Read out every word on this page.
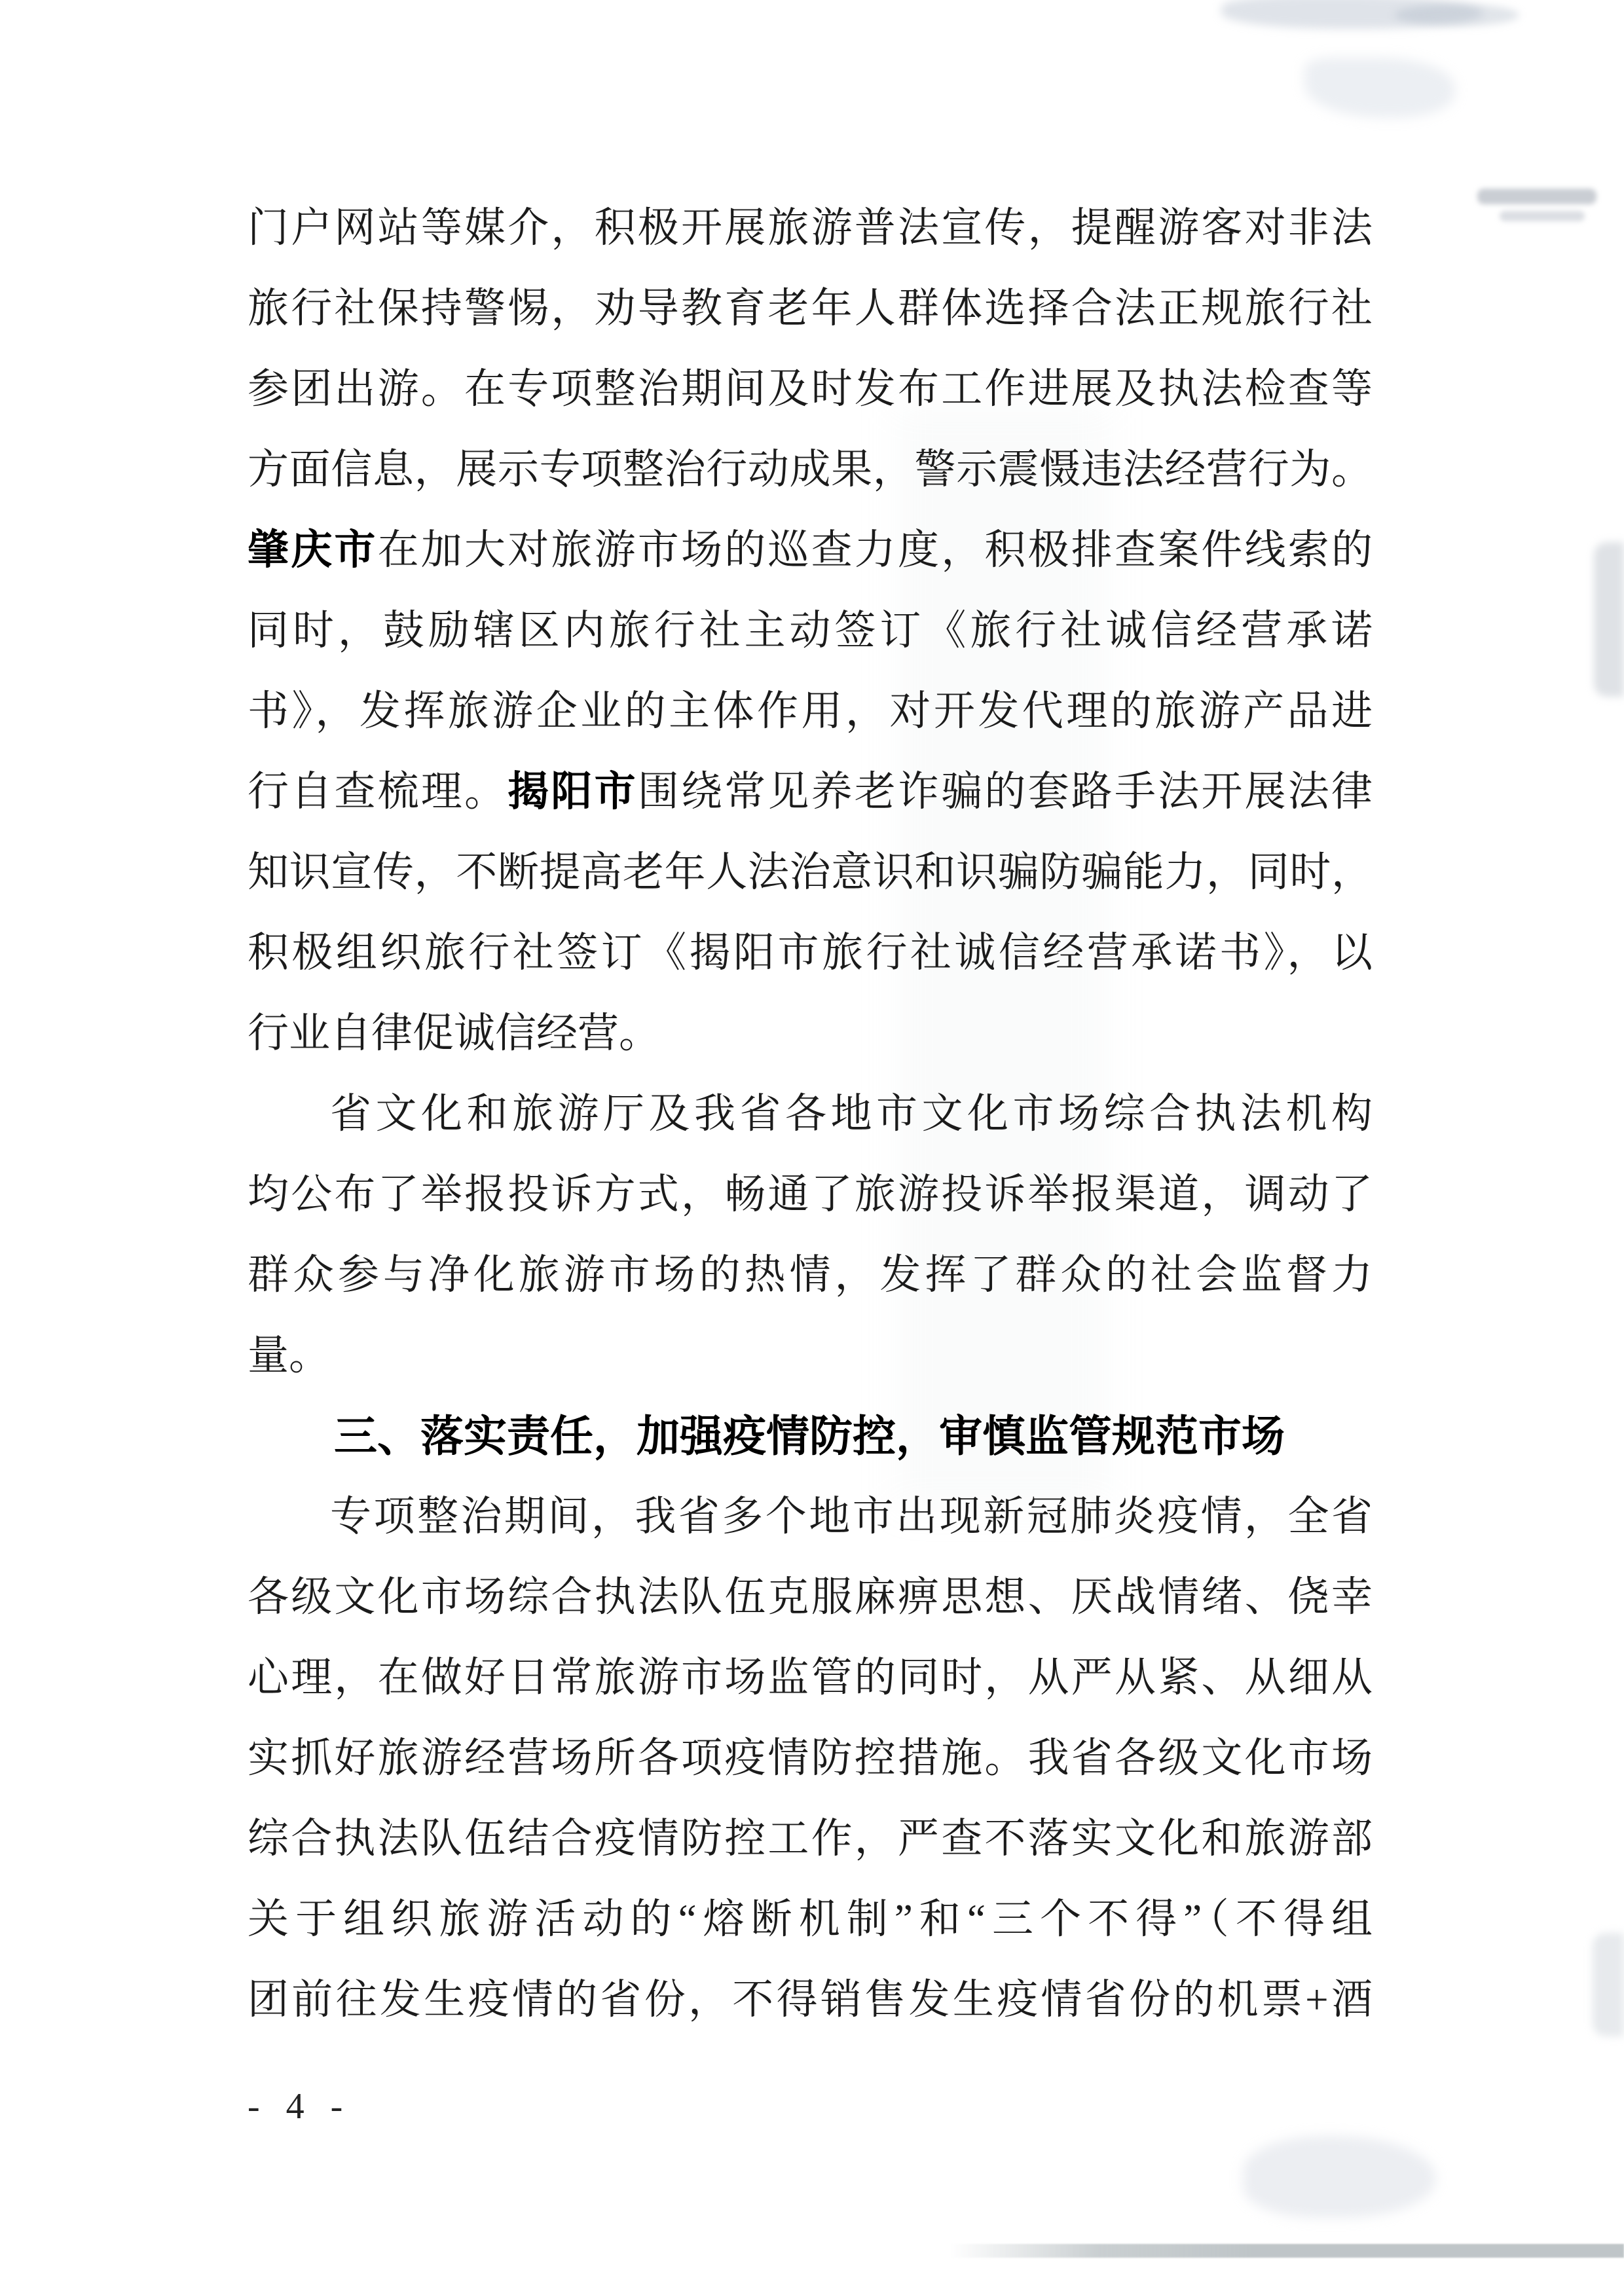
门户网站等媒介，积极开展旅游普法宣传，提醒游客对非法
旅行社保持警惕，劝导教育老年人群体选择合法正规旅行社
参团出游。在专项整治期间及时发布工作进展及执法检查等
方面信息，展示专项整治行动成果，警示震慑违法经营行为。
肇庆市在加大对旅游市场的巡查力度，积极排查案件线索的
同时，鼓励辖区内旅行社主动签订《旅行社诚信经营承诺
书》，发挥旅游企业的主体作用，对开发代理的旅游产品进
行自查梳理。揭阳市围绕常见养老诈骗的套路手法开展法律
知识宣传，不断提高老年人法治意识和识骗防骗能力，同时，
积极组织旅行社签订《揭阳市旅行社诚信经营承诺书》，以
行业自律促诚信经营。
省文化和旅游厅及我省各地市文化市场综合执法机构
均公布了举报投诉方式，畅通了旅游投诉举报渠道，调动了
群众参与净化旅游市场的热情，发挥了群众的社会监督力
量。
三、落实责任，加强疫情防控，审慎监管规范市场
专项整治期间，我省多个地市出现新冠肺炎疫情，全省
各级文化市场综合执法队伍克服麻痹思想、厌战情绪、侥幸
心理，在做好日常旅游市场监管的同时，从严从紧、从细从
实抓好旅游经营场所各项疫情防控措施。我省各级文化市场
综合执法队伍结合疫情防控工作，严查不落实文化和旅游部
关于组织旅游活动的“熔断机制”和“三个不得”（不得组
团前往发生疫情的省份，不得销售发生疫情省份的机票+酒
- 4 -
